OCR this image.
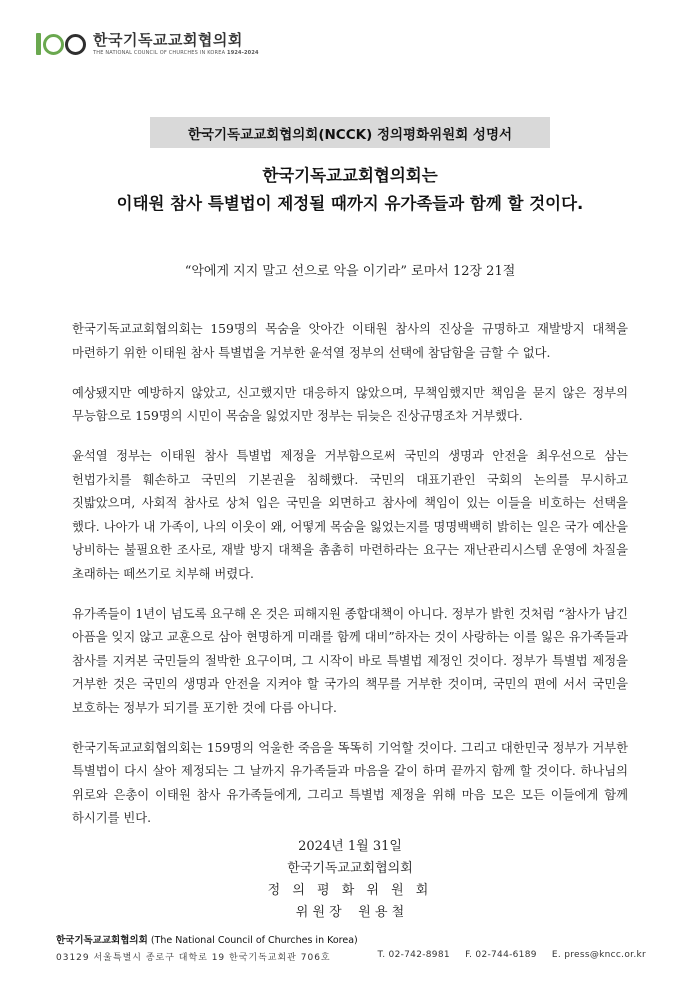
한국기독교교회협의회
THE NATIONAL COUNCIL OF CHURCHES IN KOREA 1924-2024
한국기독교교회협의회(NCCK) 정의평화위원회 성명서
한국기독교교회협의회는
이태원 참사 특별법이 제정될 때까지 유가족들과 함께 할 것이다.
“악에게 지지 말고 선으로 악을 이기라” 로마서 12장 21절

한국기독교교회협의회는 159명의 목숨을 앗아간 이태원 참사의 진상을 규명하고 재발방지 대책을 마련하기 위한 이태원 참사 특별법을 거부한 윤석열 정부의 선택에 참담함을 금할 수 없다.

예상됐지만 예방하지 않았고, 신고했지만 대응하지 않았으며, 무책임했지만 책임을 묻지 않은 정부의 무능함으로 159명의 시민이 목숨을 잃었지만 정부는 뒤늦은 진상규명조차 거부했다.

윤석열 정부는 이태원 참사 특별법 제정을 거부함으로써 국민의 생명과 안전을 최우선으로 삼는 헌법가치를 훼손하고 국민의 기본권을 침해했다. 국민의 대표기관인 국회의 논의를 무시하고 짓밟았으며, 사회적 참사로 상처 입은 국민을 외면하고 참사에 책임이 있는 이들을 비호하는 선택을 했다. 나아가 내 가족이, 나의 이웃이 왜, 어떻게 목숨을 잃었는지를 명명백백히 밝히는 일은 국가 예산을 낭비하는 불필요한 조사로, 재발 방지 대책을 촘촘히 마련하라는 요구는 재난관리시스템 운영에 차질을 초래하는 떼쓰기로 치부해 버렸다.

유가족들이 1년이 넘도록 요구해 온 것은 피해지원 종합대책이 아니다. 정부가 밝힌 것처럼 “참사가 남긴 아픔을 잊지 않고 교훈으로 삼아 현명하게 미래를 함께 대비”하자는 것이 사랑하는 이를 잃은 유가족들과 참사를 지켜본 국민들의 절박한 요구이며, 그 시작이 바로 특별법 제정인 것이다. 정부가 특별법 제정을 거부한 것은 국민의 생명과 안전을 지켜야 할 국가의 책무를 거부한 것이며, 국민의 편에 서서 국민을 보호하는 정부가 되기를 포기한 것에 다름 아니다.

한국기독교교회협의회는 159명의 억울한 죽음을 똑똑히 기억할 것이다. 그리고 대한민국 정부가 거부한 특별법이 다시 살아 제정되는 그 날까지 유가족들과 마음을 같이 하며 끝까지 함께 할 것이다. 하나님의 위로와 은총이 이태원 참사 유가족들에게, 그리고 특별법 제정을 위해 마음 모은 모든 이들에게 함께 하시기를 빈다.

2024년 1월 31일
한국기독교교회협의회
정 의 평 화 위 원 회
위 원 장    원 용 철
한국기독교교회협의회 (The National Council of Churches in Korea)
03129 서울특별시 종로구 대학로 19 한국기독교회관 706호	T. 02-742-8981 F. 02-744-6189 E. press@kncc.or.kr
